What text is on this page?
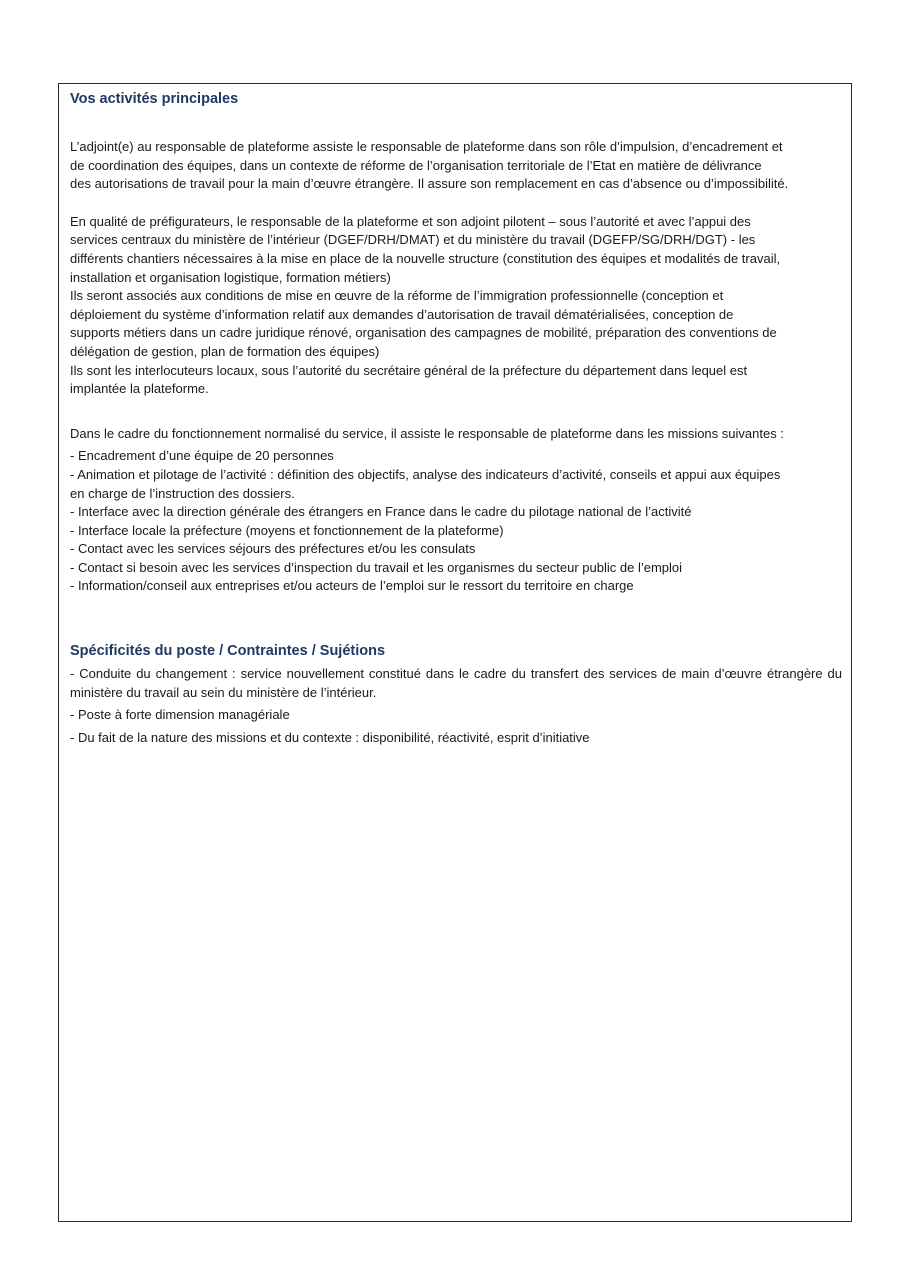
Vos activités principales

L’adjoint(e) au responsable de plateforme assiste le responsable de plateforme dans son rôle d’impulsion, d’encadrement et

de coordination des équipes, dans un contexte de réforme de l’organisation territoriale de l’Etat en matière de délivrance

des autorisations de travail pour la main d’œuvre étrangère. Il assure son remplacement en cas d’absence ou d’impossibilité.

En qualité de préfigurateurs, le responsable de la plateforme et son adjoint pilotent – sous l’autorité et avec l’appui des

services centraux du ministère de l’intérieur (DGEF/DRH/DMAT) et du ministère du travail (DGEFP/SG/DRH/DGT) - les

différents chantiers nécessaires à la mise en place de la nouvelle structure (constitution des équipes et modalités de travail,

installation et organisation logistique, formation métiers)

Ils seront associés aux conditions de mise en œuvre de la réforme de l’immigration professionnelle (conception et

déploiement du système d’information relatif aux demandes d’autorisation de travail dématérialisées, conception de

supports métiers dans un cadre juridique rénové, organisation des campagnes de mobilité, préparation des conventions de

délégation de gestion, plan de formation des équipes)

Ils sont les interlocuteurs locaux, sous l’autorité du secrétaire général de la préfecture du département dans lequel est

implantée la plateforme.

Dans le cadre du fonctionnement normalisé du service, il assiste le responsable de plateforme dans les missions suivantes :

- Encadrement d’une équipe de 20 personnes

- Animation et pilotage de l’activité : définition des objectifs, analyse des indicateurs d’activité, conseils et appui aux équipes

en charge de l’instruction des dossiers.

- Interface avec la direction générale des étrangers en France dans le cadre du pilotage national de l’activité

- Interface locale la préfecture (moyens et fonctionnement de la plateforme)

- Contact avec les services séjours des préfectures et/ou les consulats

- Contact si besoin avec les services d’inspection du travail et les organismes du secteur public de l’emploi

- Information/conseil aux entreprises et/ou acteurs de l’emploi sur le ressort du territoire en charge

Spécificités du poste / Contraintes / Sujétions

- Conduite du changement : service nouvellement constitué dans le cadre du transfert des services de main d’œuvre étrangère du ministère du travail au sein du ministère de l’intérieur.

- Poste à forte dimension managériale

- Du fait de la nature des missions et du contexte : disponibilité, réactivité, esprit d’initiative
